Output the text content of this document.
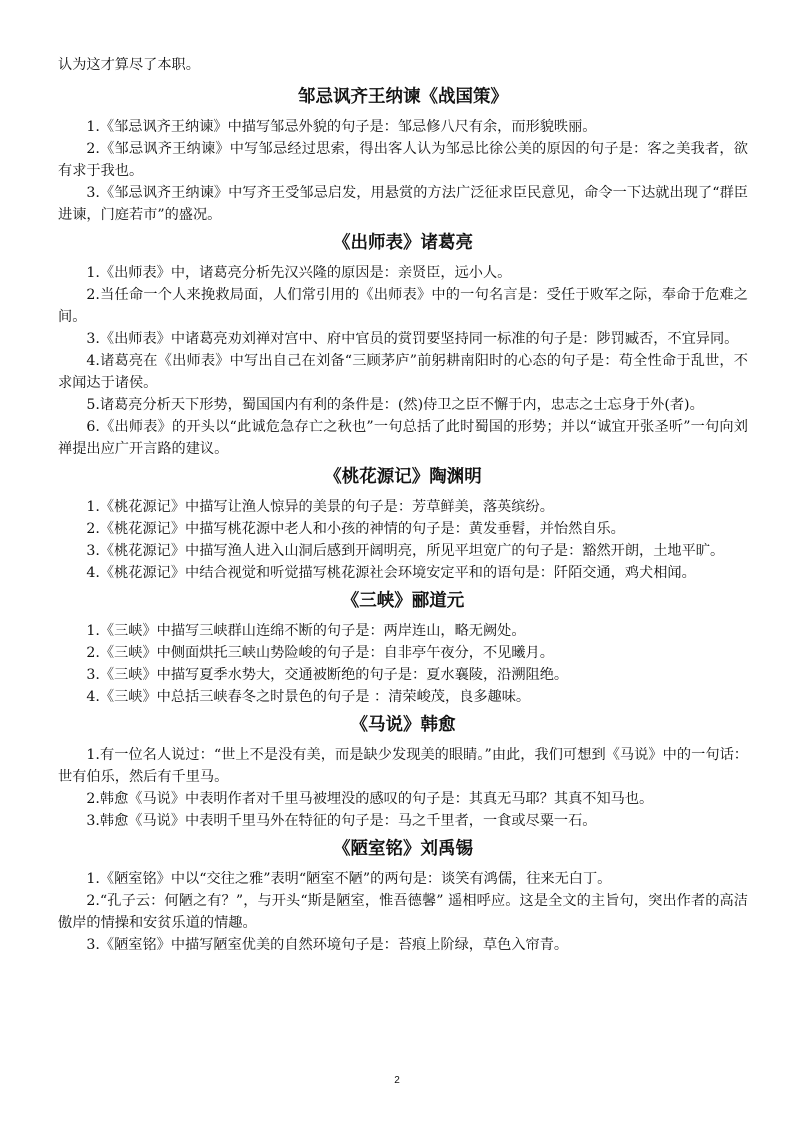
认为这才算尽了本职。

邹忌讽齐王纳谏《战国策》

1.《邹忌讽齐王纳谏》中描写邹忌外貌的句子是：邹忌修八尺有余，而形貌昳丽。

2.《邹忌讽齐王纳谏》中写邹忌经过思索，得出客人认为邹忌比徐公美的原因的句子是：客之美我者，欲有求于我也。

3.《邹忌讽齐王纳谏》中写齐王受邹忌启发，用悬赏的方法广泛征求臣民意见，命令一下达就出现了“群臣进谏，门庭若市”的盛况。

《出师表》诸葛亮

1.《出师表》中，诸葛亮分析先汉兴隆的原因是：亲贤臣，远小人。

2.当任命一个人来挽救局面，人们常引用的《出师表》中的一句名言是：受任于败军之际，奉命于危难之间。

3.《出师表》中诸葛亮劝刘禅对宫中、府中官员的赏罚要坚持同一标准的句子是：陟罚臧否，不宜异同。

4.诸葛亮在《出师表》中写出自己在刘备“三顾茅庐”前躬耕南阳时的心态的句子是：苟全性命于乱世，不求闻达于诸侯。

5.诸葛亮分析天下形势，蜀国国内有利的条件是：(然)侍卫之臣不懈于内，忠志之士忘身于外(者)。

6.《出师表》的开头以“此诚危急存亡之秋也”一句总括了此时蜀国的形势；并以“诚宜开张圣听”一句向刘禅提出应广开言路的建议。

《桃花源记》陶渊明

1.《桃花源记》中描写让渔人惊异的美景的句子是：芳草鲜美，落英缤纷。

2.《桃花源记》中描写桃花源中老人和小孩的神情的句子是：黄发垂髫，并怡然自乐。

3.《桃花源记》中描写渔人进入山洞后感到开阔明亮，所见平坦宽广的句子是：豁然开朗，土地平旷。

4.《桃花源记》中结合视觉和听觉描写桃花源社会环境安定平和的语句是：阡陌交通，鸡犬相闻。

《三峡》郦道元

1.《三峡》中描写三峡群山连绵不断的句子是：两岸连山，略无阙处。

2.《三峡》中侧面烘托三峡山势险峻的句子是：自非亭午夜分，不见曦月。

3.《三峡》中描写夏季水势大，交通被断绝的句子是：夏水襄陵，沿溯阻绝。

4.《三峡》中总括三峡春冬之时景色的句子是 ：清荣峻茂，良多趣味。

《马说》韩愈

1.有一位名人说过：“世上不是没有美，而是缺少发现美的眼睛。”由此，我们可想到《马说》中的一句话：世有伯乐，然后有千里马。

2.韩愈《马说》中表明作者对千里马被埋没的感叹的句子是：其真无马耶？其真不知马也。

3.韩愈《马说》中表明千里马外在特征的句子是：马之千里者，一食或尽粟一石。

《陋室铭》刘禹锡

1.《陋室铭》中以“交往之雅”表明“陋室不陋”的两句是：谈笑有鸿儒，往来无白丁。

2.“孔子云：何陋之有？”，与开头“斯是陋室，惟吾德馨” 遥相呼应。这是全文的主旨句，突出作者的高洁傲岸的情操和安贫乐道的情趣。

3.《陋室铭》中描写陋室优美的自然环境句子是：苔痕上阶绿，草色入帘青。

2
